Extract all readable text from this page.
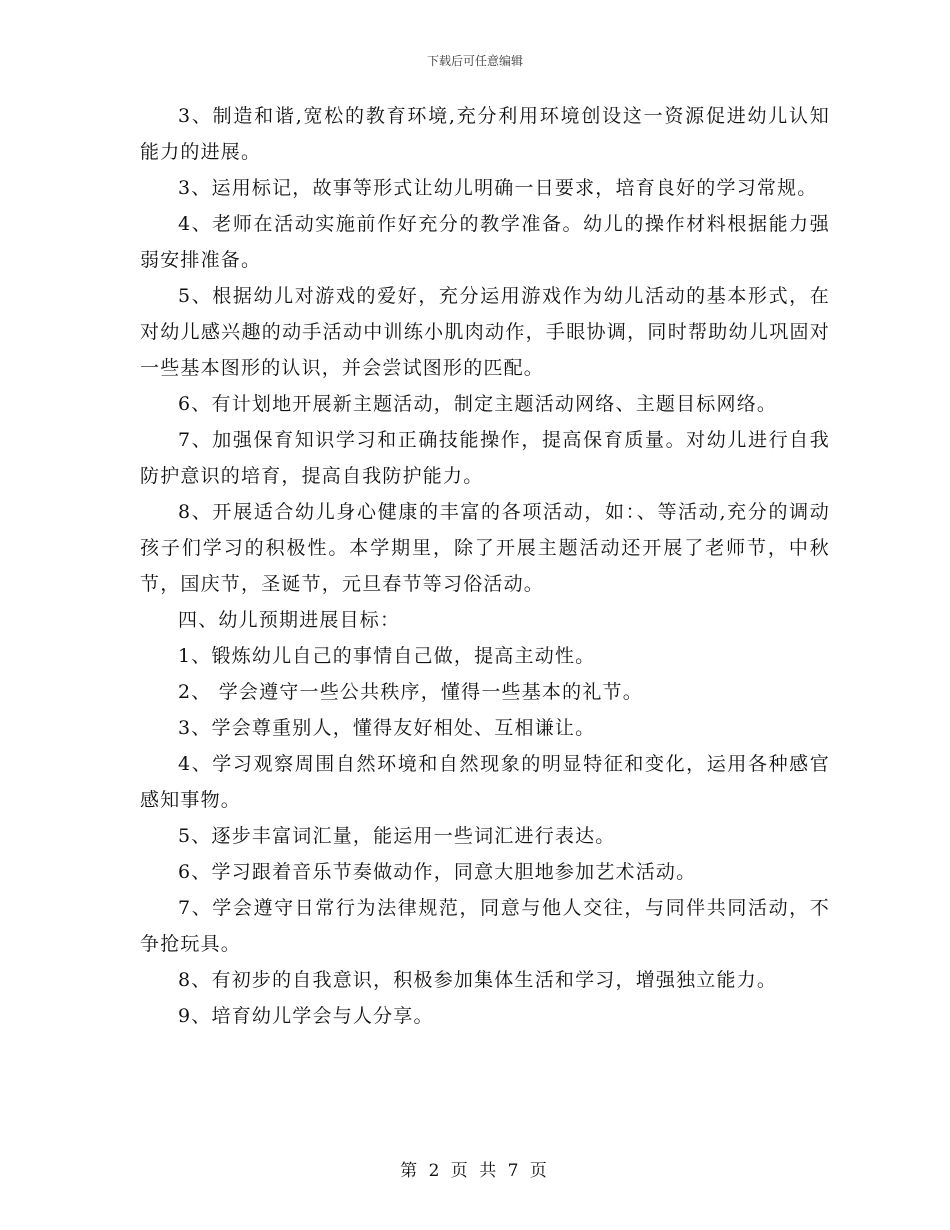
下载后可任意编辑

3、制造和谐,宽松的教育环境,充分利用环境创设这一资源促进幼儿认知能力的进展。

3、运用标记，故事等形式让幼儿明确一日要求，培育良好的学习常规。

4、老师在活动实施前作好充分的教学准备。幼儿的操作材料根据能力强弱安排准备。

5、根据幼儿对游戏的爱好，充分运用游戏作为幼儿活动的基本形式，在对幼儿感兴趣的动手活动中训练小肌肉动作，手眼协调，同时帮助幼儿巩固对一些基本图形的认识，并会尝试图形的匹配。

6、有计划地开展新主题活动，制定主题活动网络、主题目标网络。

7、加强保育知识学习和正确技能操作，提高保育质量。对幼儿进行自我防护意识的培育，提高自我防护能力。

8、开展适合幼儿身心健康的丰富的各项活动，如：、等活动,充分的调动孩子们学习的积极性。本学期里，除了开展主题活动还开展了老师节，中秋节，国庆节，圣诞节，元旦春节等习俗活动。

四、幼儿预期进展目标：

1、锻炼幼儿自己的事情自己做，提高主动性。

2、 学会遵守一些公共秩序，懂得一些基本的礼节。

3、学会尊重别人，懂得友好相处、互相谦让。

4、学习观察周围自然环境和自然现象的明显特征和变化，运用各种感官感知事物。

5、逐步丰富词汇量，能运用一些词汇进行表达。

6、学习跟着音乐节奏做动作，同意大胆地参加艺术活动。

7、学会遵守日常行为法律规范，同意与他人交往，与同伴共同活动，不争抢玩具。

8、有初步的自我意识，积极参加集体生活和学习，增强独立能力。

9、培育幼儿学会与人分享。

第 2 页 共 7 页
